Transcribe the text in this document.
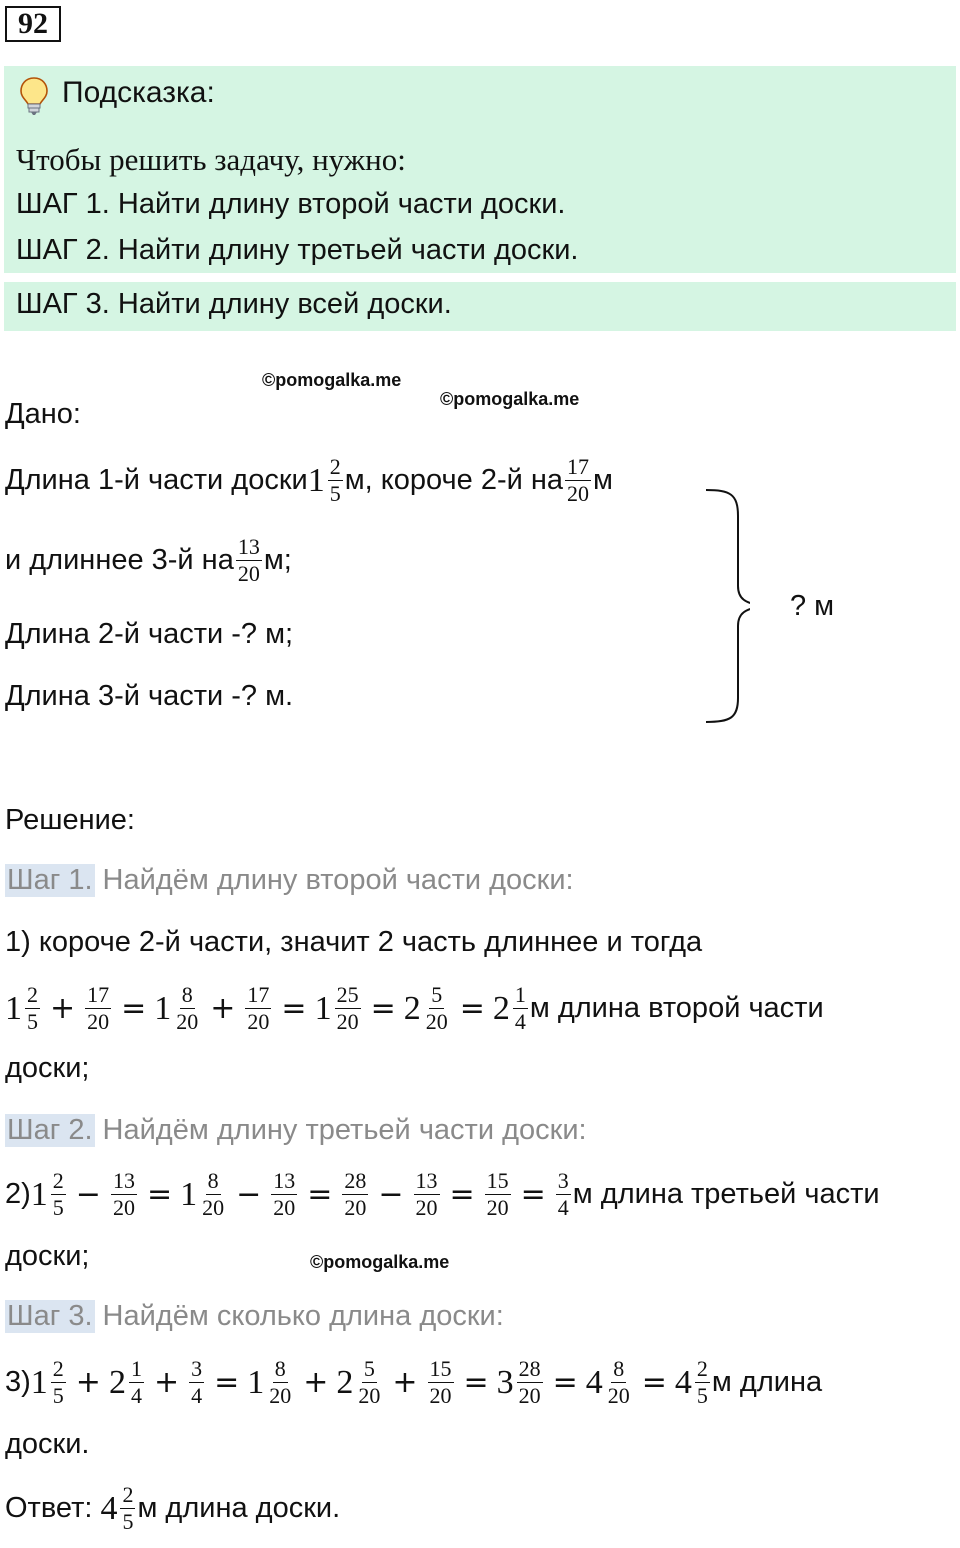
92
Подсказка:
Чтобы решить задачу, нужно:
ШАГ 1. Найти длину второй части доски.
ШАГ 2. Найти длину третьей части доски.
ШАГ 3. Найти длину всей доски.
©pomogalka.me
©pomogalka.me
Дано:
Длина 1-й части доски $1 \frac{2}{5} м$, короче 2-й на $\frac{17}{20}$ м
и длиннее 3-й на $\frac{13}{20} м$;
Длина 2-й части -? м;
Длина 3-й части -? м.
? м
Решение:
Шаг 1. Найдём длину второй части доски:
1) короче 2-й части, значит 2 часть длиннее и тогда
$1 \frac{2}{5} + \frac{17}{20} = 1 \frac{8}{20} + \frac{17}{20} = 1 \frac{25}{20} = 2 \frac{5}{20} = 2 \frac{1}{4}$ м длина второй части
доски;
Шаг 2. Найдём длину третьей части доски:
2) $1 \frac{2}{5} - \frac{13}{20} = 1 \frac{8}{20} - \frac{13}{20} = \frac{28}{20} - \frac{13}{20} = \frac{15}{20} = \frac{3}{4}$ м длина третьей части
доски;	©pomogalka.me
Шаг 3. Найдём сколько длина доски:
3) $1 \frac{2}{5} + 2 \frac{1}{4} + \frac{3}{4} = 1 \frac{8}{20} + 2 \frac{5}{20} + \frac{15}{20} = 3 \frac{28}{20} = 4 \frac{8}{20} = 4 \frac{2}{5}$ м длина
доски.
Ответ: $4 \frac{2}{5}$ м длина доски.
